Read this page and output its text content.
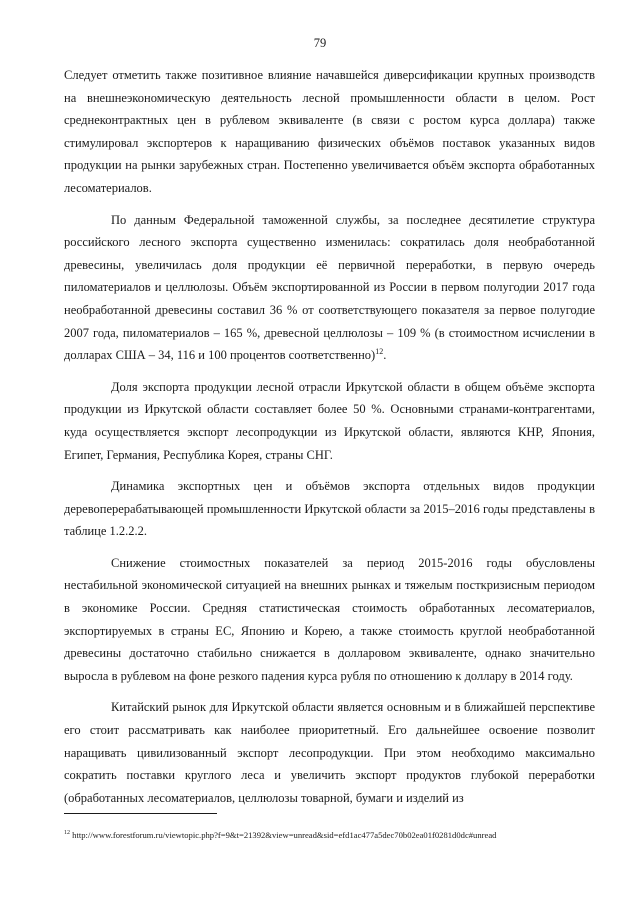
79

Следует отметить также позитивное влияние начавшейся диверсификации крупных производств на внешнеэкономическую деятельность лесной промышленности области в целом. Рост среднеконтрактных цен в рублевом эквиваленте (в связи с ростом курса доллара) также стимулировал экспортеров к наращиванию физических объёмов поставок указанных видов продукции на рынки зарубежных стран. Постепенно увеличивается объём экспорта обработанных лесоматериалов.

По данным Федеральной таможенной службы, за последнее десятилетие структура российского лесного экспорта существенно изменилась: сократилась доля необработанной древесины, увеличилась доля продукции её первичной переработки, в первую очередь пиломатериалов и целлюлозы. Объём экспортированной из России в первом полугодии 2017 года необработанной древесины составил 36 % от соответствующего показателя за первое полугодие 2007 года, пиломатериалов – 165 %, древесной целлюлозы – 109 % (в стоимостном исчислении в долларах США – 34, 116 и 100 процентов соответственно)$^{12}$.

Доля экспорта продукции лесной отрасли Иркутской области в общем объёме экспорта продукции из Иркутской области составляет более 50 %. Основными странами-контрагентами, куда осуществляется экспорт лесопродукции из Иркутской области, являются КНР, Япония, Египет, Германия, Республика Корея, страны СНГ.

Динамика экспортных цен и объёмов экспорта отдельных видов продукции деревоперерабатывающей промышленности Иркутской области за 2015–2016 годы представлены в таблице 1.2.2.2.

Снижение стоимостных показателей за период 2015-2016 годы обусловлены нестабильной экономической ситуацией на внешних рынках и тяжелым посткризисным периодом в экономике России. Средняя статистическая стоимость обработанных лесоматериалов, экспортируемых в страны ЕС, Японию и Корею, а также стоимость круглой необработанной древесины достаточно стабильно снижается в долларовом эквиваленте, однако значительно выросла в рублевом на фоне резкого падения курса рубля по отношению к доллару в 2014 году.

Китайский рынок для Иркутской области является основным и в ближайшей перспективе его стоит рассматривать как наиболее приоритетный. Его дальнейшее освоение позволит наращивать цивилизованный экспорт лесопродукции. При этом необходимо максимально сократить поставки круглого леса и увеличить экспорт продуктов глубокой переработки (обработанных лесоматериалов, целлюлозы товарной, бумаги и изделий из

$^{12}$ http://www.forestforum.ru/viewtopic.php?f=9&t=21392&view=unread&sid=efd1ac477a5dec70b02ea01f0281d0dc#unread
